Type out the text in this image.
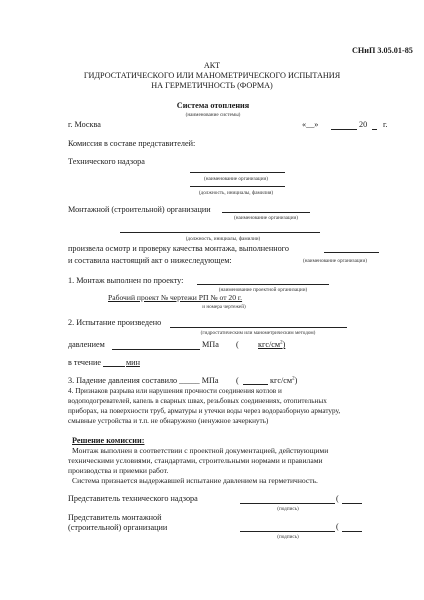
СНиП 3.05.01-85
АКТ
ГИДРОСТАТИЧЕСКОГО ИЛИ МАНОМЕТРИЧЕСКОГО ИСПЫТАНИЯ
НА ГЕРМЕТИЧНОСТЬ (ФОРМА)
Система отопления
(наименование системы)
г. Москва	«__»	20 г.
Комиссия в составе представителей:
Технического надзора
(наименование организации)
(должность, инициалы, фамилия)
Монтажной (строительной) организации
(наименование организации)
(должность, инициалы, фамилии)
произвела осмотр и проверку качества монтажа, выполненного
и составила настоящий акт о нижеследующем:	(наименование организации)
1. Монтаж выполнен по проекту:
(наименование проектной организации)
Рабочий проект № чертежи РП № от 20 г.
и номера чертежей)
2. Испытание произведено
(гидростатическим или манометрическим методом)
давлением	МПа ( кгс/$см^2$)
в течение	мин
3. Падение давления составило _____ МПа (	кгс/$см^2$)
4. Признаков разрыва или нарушения прочности соединения котлов и
водоподогревателей, капель в сварных швах, резьбовых соединениях, отопительных
приборах, на поверхности труб, арматуры и утечки воды через водоразборную арматуру,
смывные устройства и т.п. не обнаружено (ненужное зачеркнуть)
Решение комиссии:
Монтаж выполнен в соответствии с проектной документацией, действующими
техническими условиями, стандартами, строительными нормами и правилами
производства и приемки работ.
Система признается выдержавшей испытание давлением на герметичность.
Представитель технического надзора	(
(подпись)
Представитель монтажной
(строительной) организации	(
(подпись)
